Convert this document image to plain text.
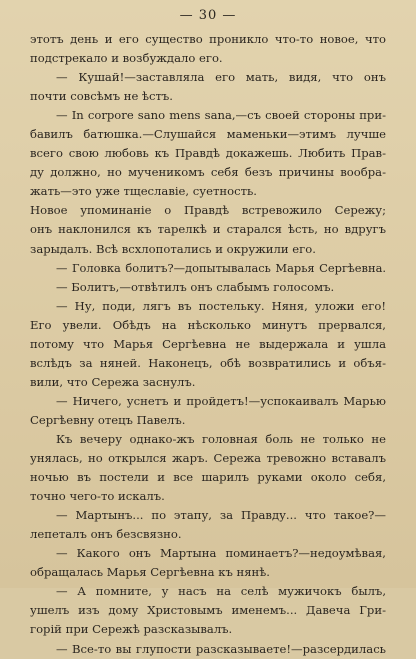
— 30 —
этотъ день и его существо проникло что-то новое, что
подстрекало и возбуждало его.
— Кушай!—заставляла его мать, видя, что онъ
почти совсѣмъ не ѣстъ.
— In corpore sano mens sana,—съ своей стороны при-
бавилъ батюшка.—Слушайся маменьки—этимъ лучше
всего свою любовь къ Правдѣ докажешь. Любить Прав-
ду должно, но мученикомъ себя безъ причины вообра-
жать—это уже тщеславіе, суетность.
Новое упоминаніе о Правдѣ встревожило Сережу;
онъ наклонился къ тарелкѣ и старался ѣсть, но вдругъ
зарыдалъ. Всѣ всхлопотались и окружили его.
— Головка болитъ?—допытывалась Марья Сергѣевна.
— Болитъ,—отвѣтилъ онъ слабымъ голосомъ.
— Ну, поди, лягъ въ постельку. Няня, уложи его!
Его увели. Обѣдъ на нѣсколько минутъ прервался,
потому что Марья Сергѣевна не выдержала и ушла
вслѣдъ за няней. Наконецъ, обѣ возвратились и объя-
вили, что Сережа заснулъ.
— Ничего, уснетъ и пройдетъ!—успокаивалъ Марью
Сергѣевну отецъ Павелъ.
Къ вечеру однако-жъ головная боль не только не
унялась, но открылся жаръ. Сережа тревожно вставалъ
ночью въ постели и все шарилъ руками около себя,
точно чего-то искалъ.
— Мартынъ... по этапу, за Правду... что такое?—
лепеталъ онъ безсвязно.
— Какого онъ Мартына поминаетъ?—недоумѣвая,
обращалась Марья Сергѣевна къ нянѣ.
— А помните, у насъ на селѣ мужичокъ былъ,
ушелъ изъ дому Христовымъ именемъ... Давеча Гри-
горій при Сережѣ разсказывалъ.
— Все-то вы глупости разсказываете!—разсердилась
